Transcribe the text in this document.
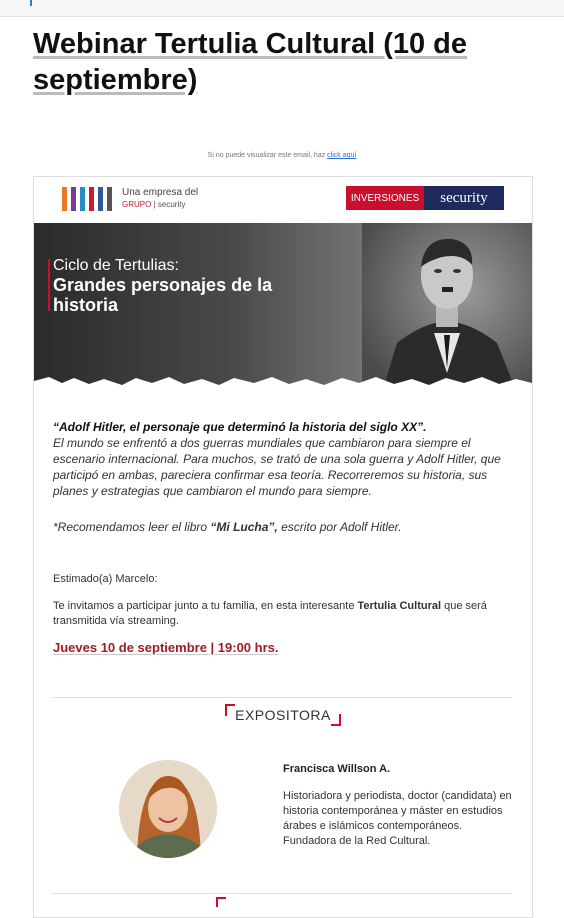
Webinar Tertulia Cultural (10 de septiembre)
Si no puede visualizar este email, haz click aquí
Una empresa del
GRUPO | security
INVERSIONES	security
Ciclo de Tertulias:
Grandes personajes de la historia
“Adolf Hitler, el personaje que determinó la historia del siglo XX”.
El mundo se enfrentó a dos guerras mundiales que cambiaron para siempre el escenario internacional. Para muchos, se trató de una sola guerra y Adolf Hitler, que participó en ambas, pareciera confirmar esa teoría. Recorreremos su historia, sus planes y estrategias que cambiaron el mundo para siempre.
*Recomendamos leer el libro “Mi Lucha”, escrito por Adolf Hitler.
Estimado(a) Marcelo:
Te invitamos a participar junto a tu familia, en esta interesante Tertulia Cultural que será transmitida vía streaming.
Jueves 10 de septiembre | 19:00 hrs.
EXPOSITORA
Francisca Willson A.
Historiadora y periodista, doctor (candidata) en historia contemporánea y máster en estudios árabes e islámicos contemporáneos. Fundadora de la Red Cultural.
